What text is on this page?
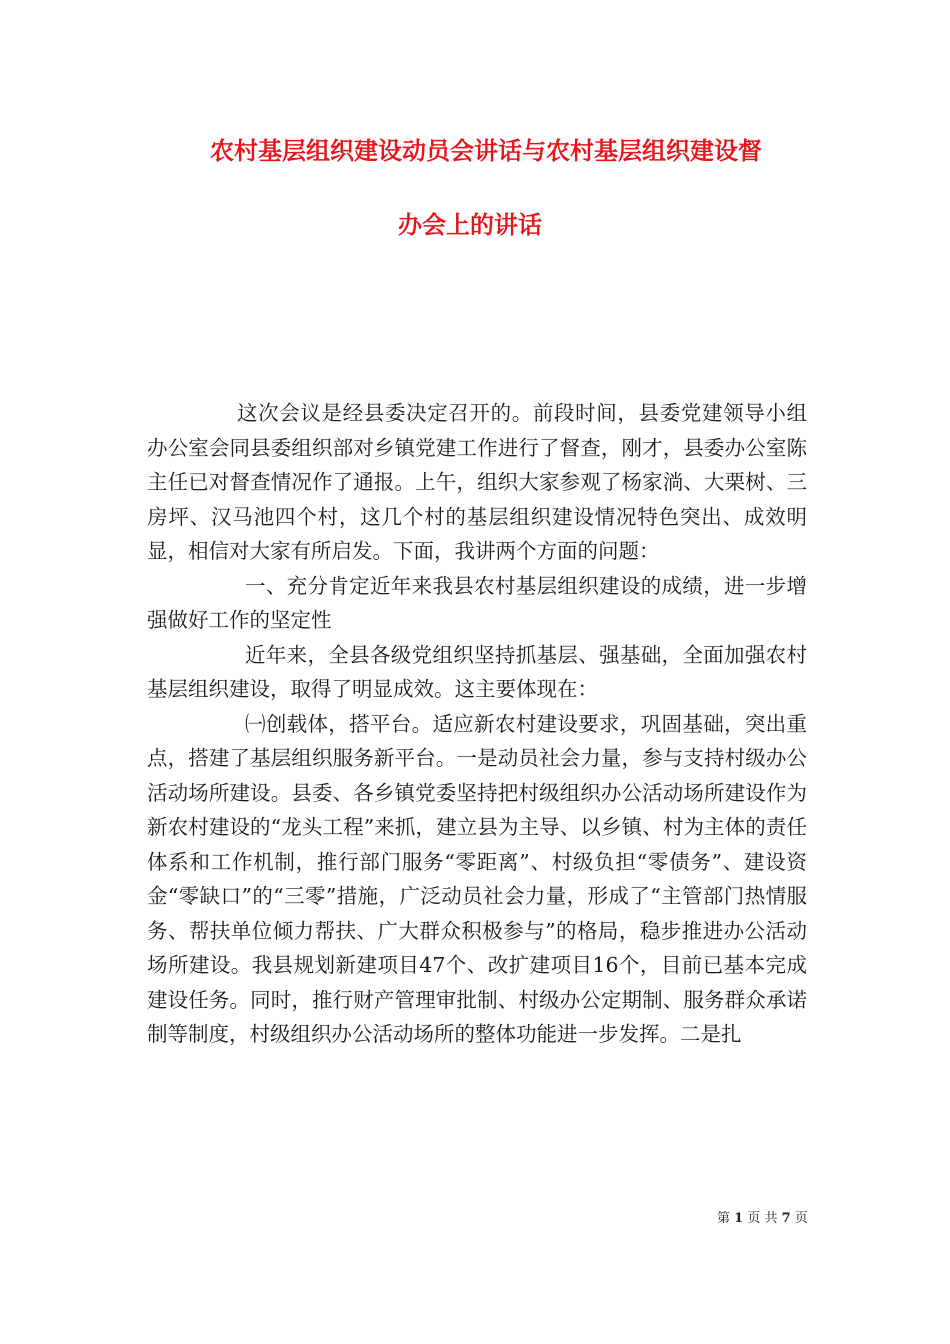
农村基层组织建设动员会讲话与农村基层组织建设督
办会上的讲话

这次会议是经县委决定召开的。前段时间，县委党建领导小组办公室会同县委组织部对乡镇党建工作进行了督查，刚才，县委办公室陈主任已对督查情况作了通报。上午，组织大家参观了杨家淌、大栗树、三房坪、汉马池四个村，这几个村的基层组织建设情况特色突出、成效明显，相信对大家有所启发。下面，我讲两个方面的问题：

一、充分肯定近年来我县农村基层组织建设的成绩，进一步增强做好工作的坚定性

近年来，全县各级党组织坚持抓基层、强基础，全面加强农村基层组织建设，取得了明显成效。这主要体现在：

㈠创载体，搭平台。适应新农村建设要求，巩固基础，突出重点，搭建了基层组织服务新平台。一是动员社会力量，参与支持村级办公活动场所建设。县委、各乡镇党委坚持把村级组织办公活动场所建设作为新农村建设的“龙头工程”来抓，建立县为主导、以乡镇、村为主体的责任体系和工作机制，推行部门服务“零距离”、村级负担“零债务”、建设资金“零缺口”的“三零”措施，广泛动员社会力量，形成了“主管部门热情服务、帮扶单位倾力帮扶、广大群众积极参与”的格局，稳步推进办公活动场所建设。我县规划新建项目47个、改扩建项目16个，目前已基本完成建设任务。同时，推行财产管理审批制、村级办公定期制、服务群众承诺制等制度，村级组织办公活动场所的整体功能进一步发挥。二是扎

第 1 页 共 7 页
